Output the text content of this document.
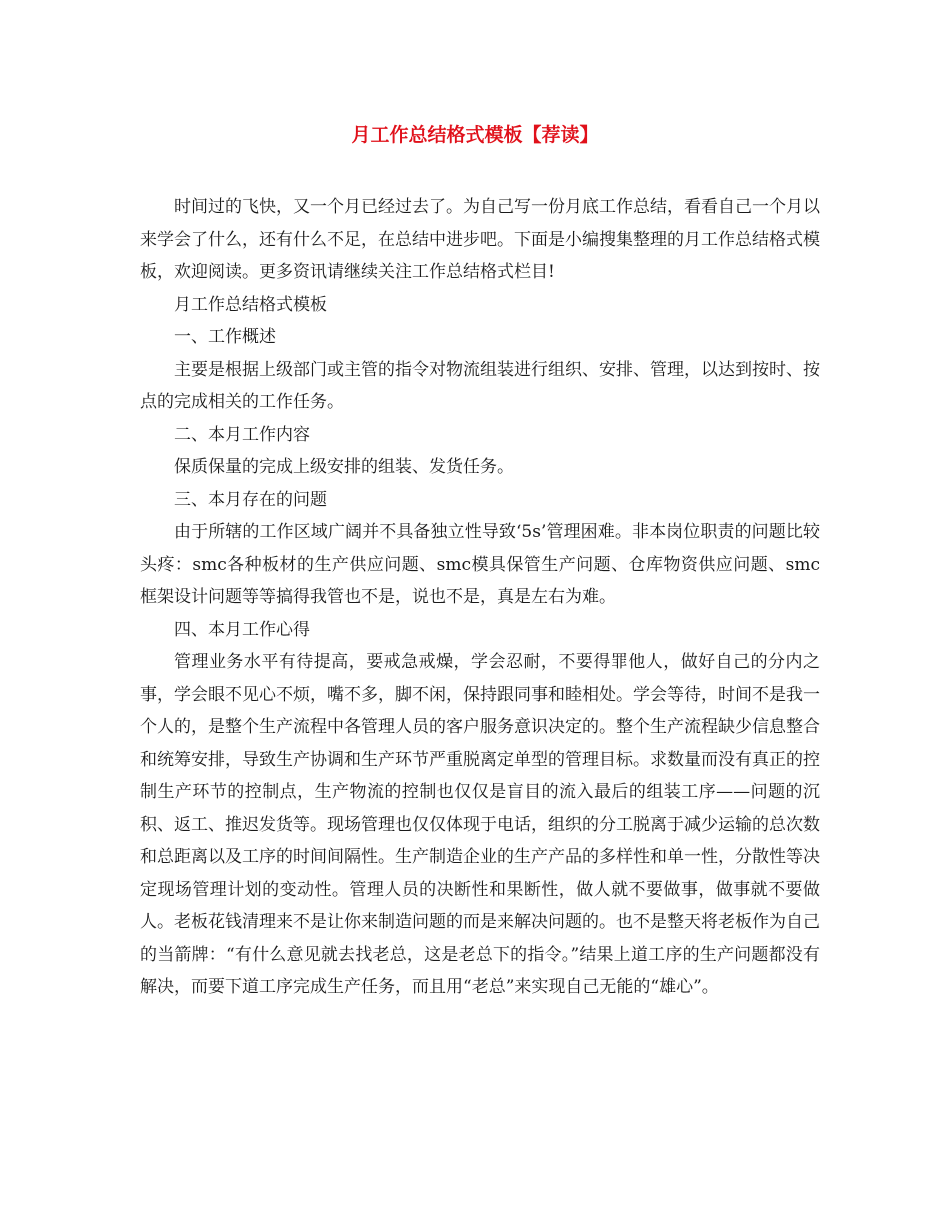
月工作总结格式模板【荐读】

时间过的飞快，又一个月已经过去了。为自己写一份月底工作总结，看看自己一个月以来学会了什么，还有什么不足，在总结中进步吧。下面是小编搜集整理的月工作总结格式模板，欢迎阅读。更多资讯请继续关注工作总结格式栏目!

月工作总结格式模板

一、工作概述

主要是根据上级部门或主管的指令对物流组装进行组织、安排、管理，以达到按时、按点的完成相关的工作任务。

二、本月工作内容

保质保量的完成上级安排的组装、发货任务。

三、本月存在的问题

由于所辖的工作区域广阔并不具备独立性导致‘5s’管理困难。非本岗位职责的问题比较头疼：smc各种板材的生产供应问题、smc模具保管生产问题、仓库物资供应问题、smc框架设计问题等等搞得我管也不是，说也不是，真是左右为难。

四、本月工作心得

管理业务水平有待提高，要戒急戒燥，学会忍耐，不要得罪他人，做好自己的分内之事，学会眼不见心不烦，嘴不多，脚不闲，保持跟同事和睦相处。学会等待，时间不是我一个人的，是整个生产流程中各管理人员的客户服务意识决定的。整个生产流程缺少信息整合和统筹安排，导致生产协调和生产环节严重脱离定单型的管理目标。求数量而没有真正的控制生产环节的控制点，生产物流的控制也仅仅是盲目的流入最后的组装工序——问题的沉积、返工、推迟发货等。现场管理也仅仅体现于电话，组织的分工脱离于减少运输的总次数和总距离以及工序的时间间隔性。生产制造企业的生产产品的多样性和单一性，分散性等决定现场管理计划的变动性。管理人员的决断性和果断性，做人就不要做事，做事就不要做人。老板花钱清理来不是让你来制造问题的而是来解决问题的。也不是整天将老板作为自己的当箭牌：“有什么意见就去找老总，这是老总下的指令。”结果上道工序的生产问题都没有解决，而要下道工序完成生产任务，而且用“老总”来实现自己无能的“雄心”。
